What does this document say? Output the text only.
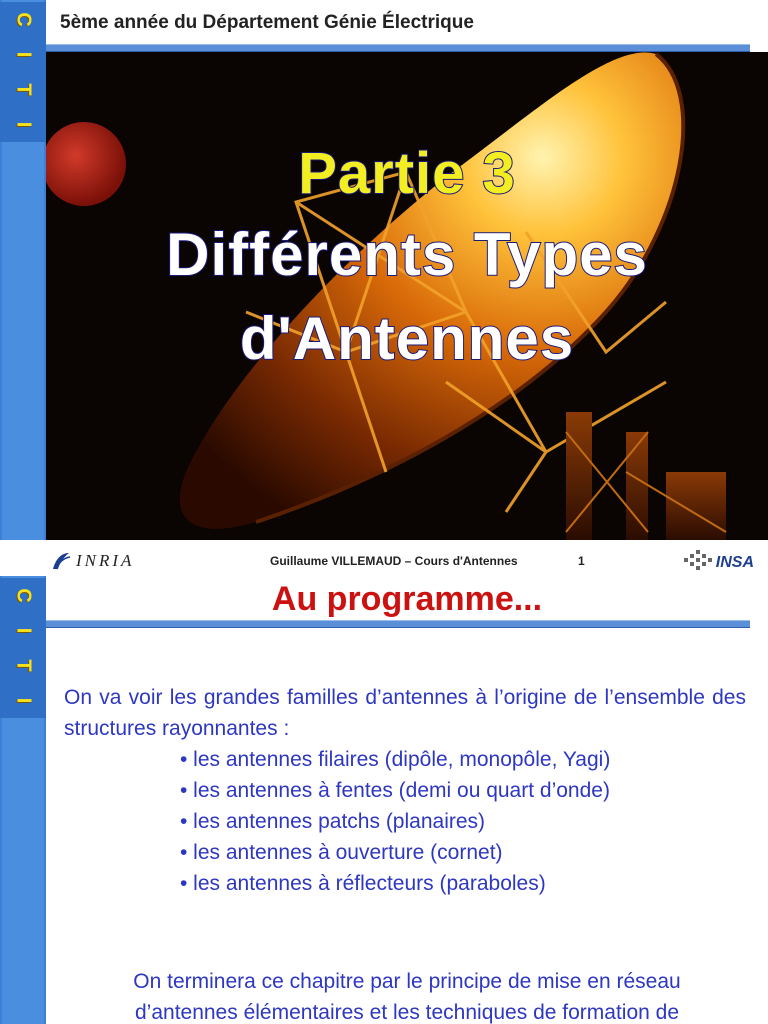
C
I
T
I
5ème année du Département Génie Électrique
Partie 3
Différents Types
d'Antennes
C
I
T
I
INRIA	Guillaume VILLEMAUD – Cours d'Antennes	1	INSA
Au programme...
On va voir les grandes familles d’antennes à l’origine de l’ensemble des structures rayonnantes :
• les antennes filaires (dipôle, monopôle, Yagi)
• les antennes à fentes (demi ou quart d’onde)
• les antennes patchs (planaires)
• les antennes à ouverture (cornet)
• les antennes à réflecteurs (paraboles)
On terminera ce chapitre par le principe de mise en réseau
d’antennes élémentaires et les techniques de formation de
